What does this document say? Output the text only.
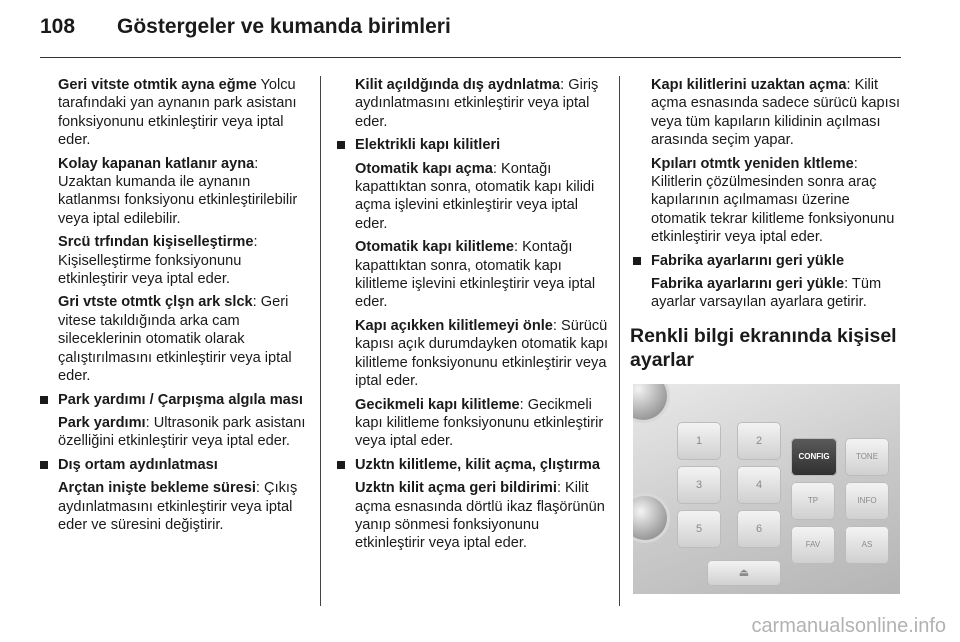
108 Göstergeler ve kumanda birimleri

Geri vitste otmtik ayna eğme Yolcu tarafındaki yan aynanın park asistanı fonksiyonunu etkinleştirir veya iptal eder.

Kolay kapanan katlanır ayna: Uzaktan kumanda ile aynanın katlanmsı fonksiyonu etkinleştirilebilir veya iptal edilebilir.

Srcü trfından kişiselleştirme: Kişiselleştirme fonksiyonunu etkinleştirir veya iptal eder.

Gri vtste otmtk çlşn ark slck: Geri vitese takıldığında arka cam sileceklerinin otomatik olarak çalıştırılmasını etkinleştirir veya iptal eder.

Park yardımı / Çarpışma algıla ması

Park yardımı: Ultrasonik park asistanı özelliğini etkinleştirir veya iptal eder.

Dış ortam aydınlatması

Arçtan inişte bekleme süresi: Çıkış aydınlatmasını etkinleştirir veya iptal eder ve süresini değiştirir.

Kilit açıldğında dış aydnlatma: Giriş aydınlatmasını etkinleştirir veya iptal eder.

Elektrikli kapı kilitleri

Otomatik kapı açma: Kontağı kapattıktan sonra, otomatik kapı kilidi açma işlevini etkinleştirir veya iptal eder.

Otomatik kapı kilitleme: Kontağı kapattıktan sonra, otomatik kapı kilitleme işlevini etkinleştirir veya iptal eder.

Kapı açıkken kilitlemeyi önle: Sürücü kapısı açık durumdayken otomatik kapı kilitleme fonksiyonunu etkinleştirir veya iptal eder.

Gecikmeli kapı kilitleme: Gecikmeli kapı kilitleme fonksiyonunu etkinleştirir veya iptal eder.

Uzktn kilitleme, kilit açma, çlıştırma

Uzktn kilit açma geri bildirimi: Kilit açma esnasında dörtlü ikaz flaşörünün yanıp sönmesi fonksiyonunu etkinleştirir veya iptal eder.

Kapı kilitlerini uzaktan açma: Kilit açma esnasında sadece sürücü kapısı veya tüm kapıların kilidinin açılması arasında seçim yapar.

Kpıları otmtk yeniden kltleme: Kilitlerin çözülmesinden sonra araç kapılarının açılmaması üzerine otomatik tekrar kilitleme fonksiyonunu etkinleştirir veya iptal eder.

Fabrika ayarlarını geri yükle

Fabrika ayarlarını geri yükle: Tüm ayarlar varsayılan ayarlara getirir.

Renkli bilgi ekranında kişisel ayarlar
1	2
3	4
5	6
CONFIG	TONE
TP	INFO
FAV	AS
⏏
carmanualsonline.info
